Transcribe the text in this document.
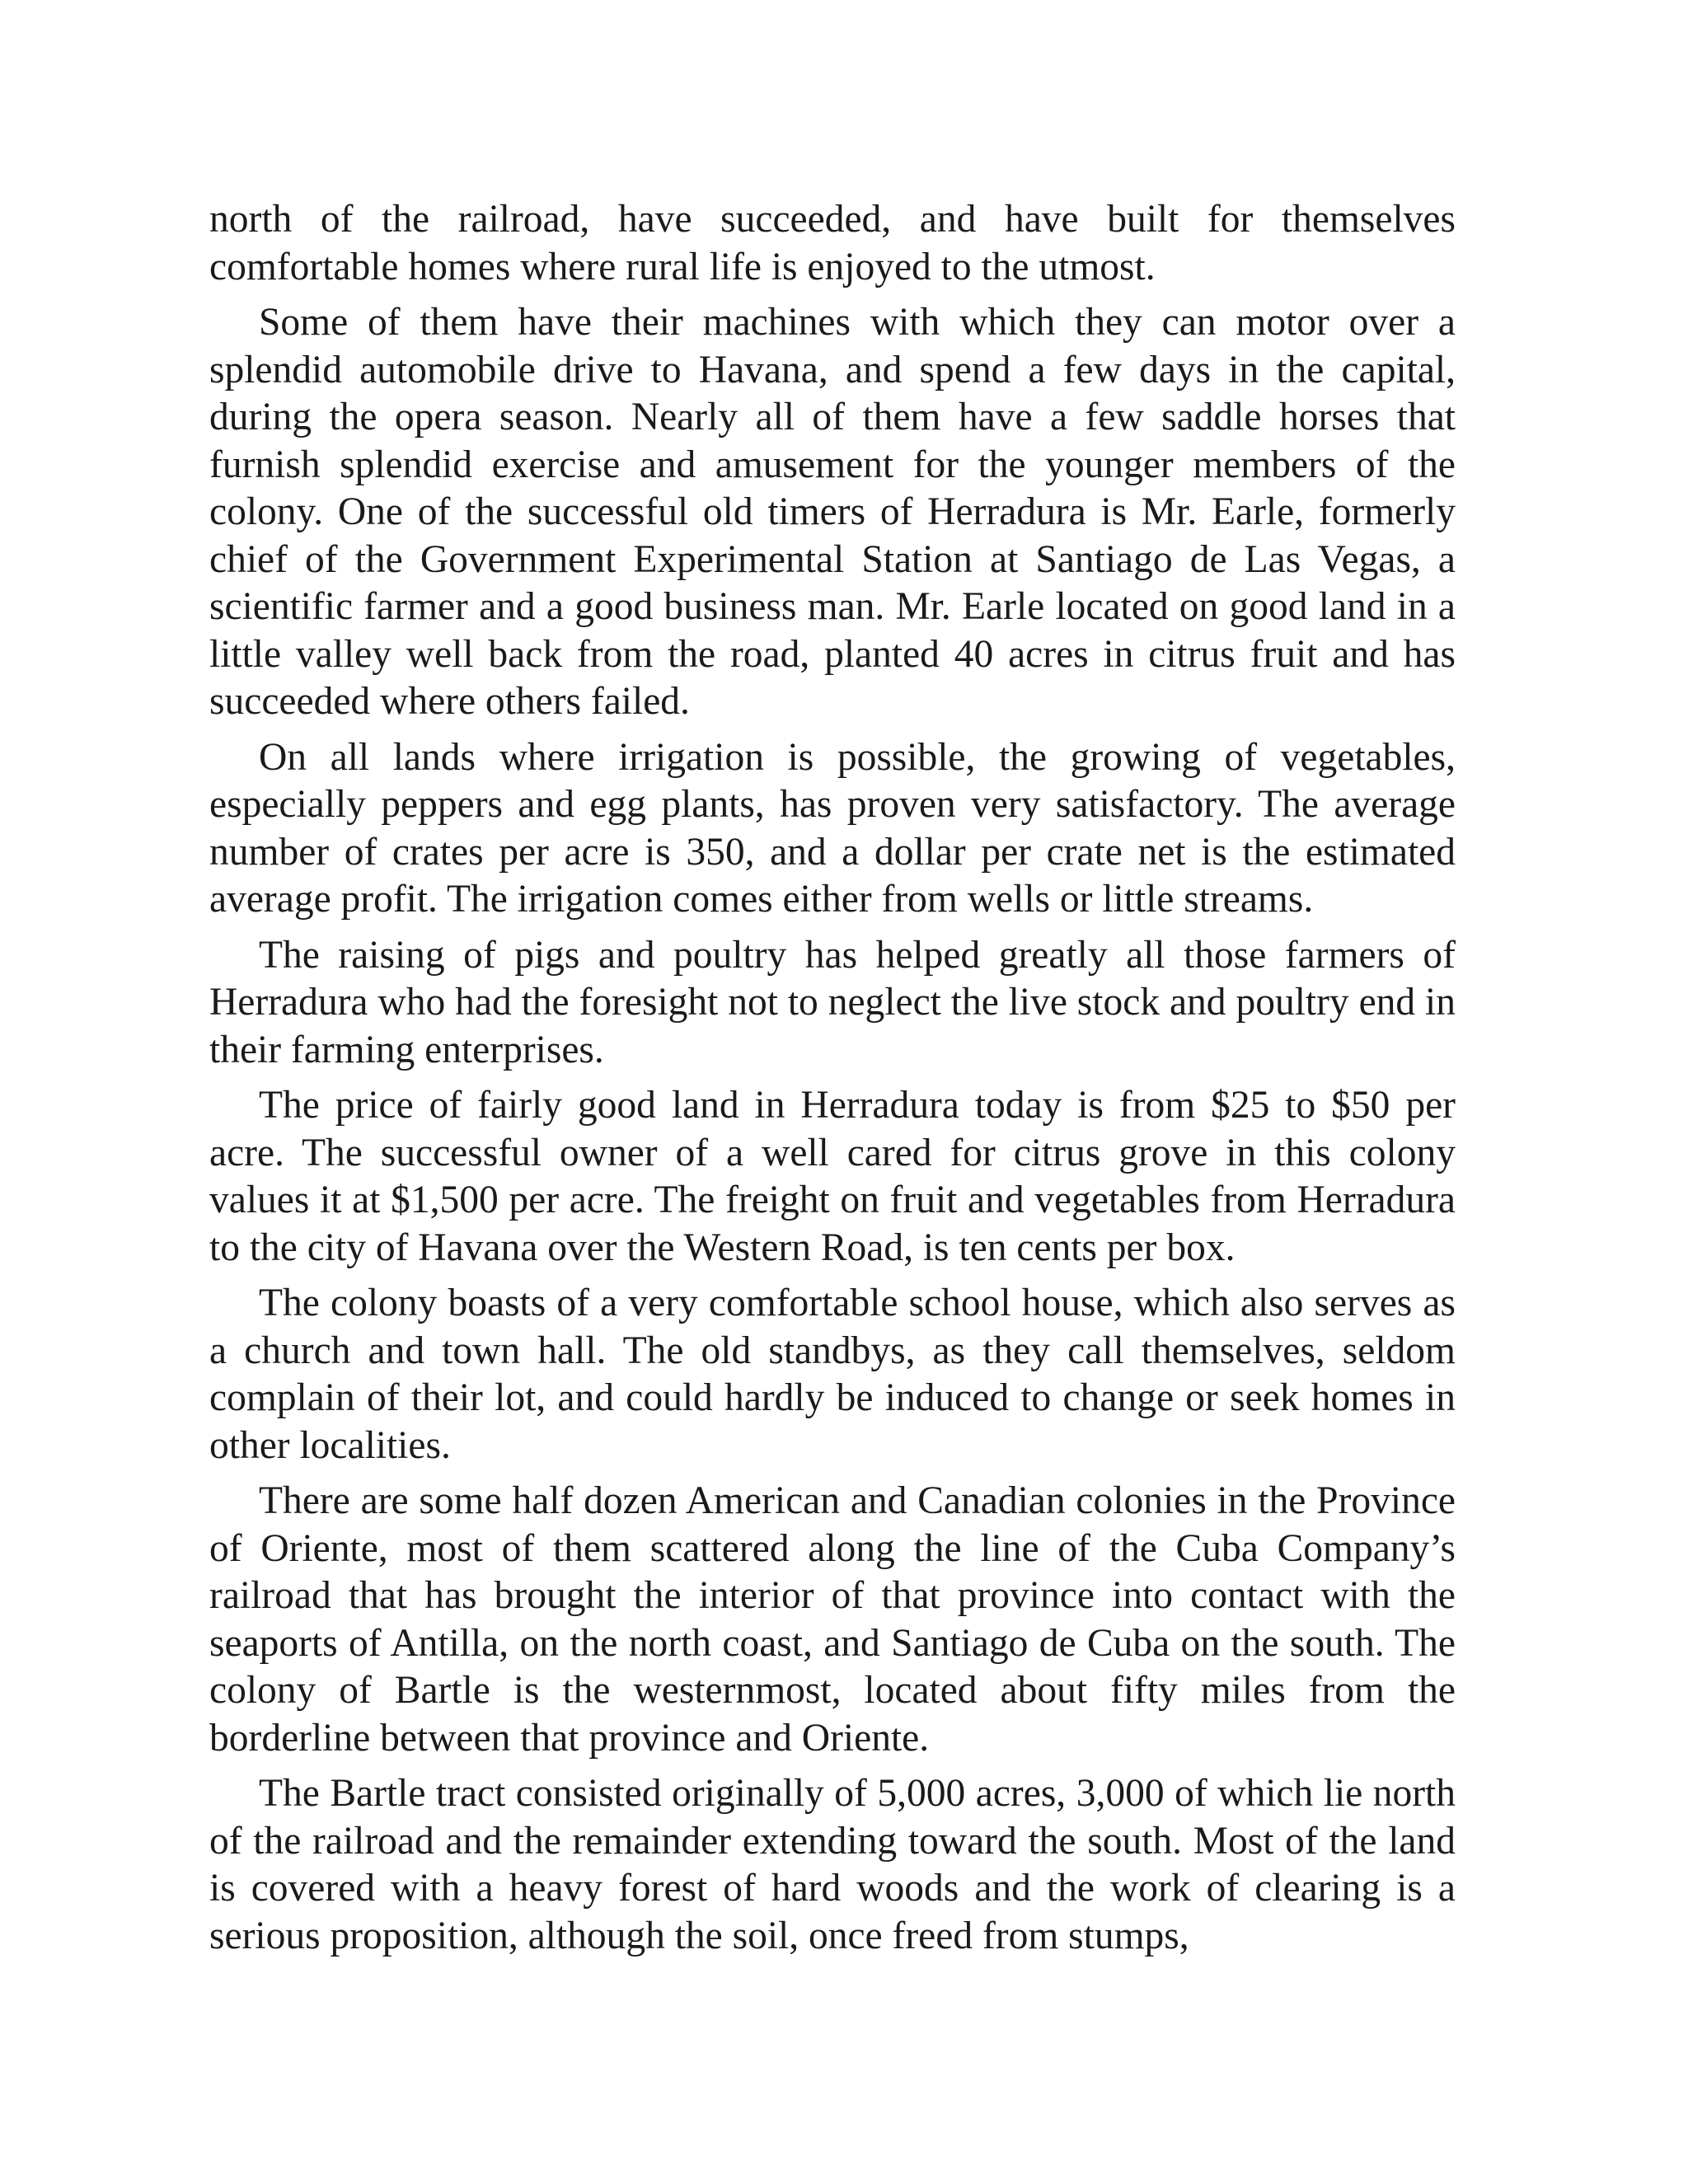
north of the railroad, have succeeded, and have built for themselves comfortable homes where rural life is enjoyed to the utmost.

Some of them have their machines with which they can motor over a splendid automobile drive to Havana, and spend a few days in the capital, during the opera season. Nearly all of them have a few saddle horses that furnish splendid exercise and amusement for the younger members of the colony. One of the successful old timers of Herradura is Mr. Earle, formerly chief of the Government Experimental Station at Santiago de Las Vegas, a scientific farmer and a good business man. Mr. Earle located on good land in a little valley well back from the road, planted 40 acres in citrus fruit and has succeeded where others failed.

On all lands where irrigation is possible, the growing of vegetables, especially peppers and egg plants, has proven very satisfactory. The average number of crates per acre is 350, and a dollar per crate net is the estimated average profit. The irrigation comes either from wells or little streams.

The raising of pigs and poultry has helped greatly all those farmers of Herradura who had the foresight not to neglect the live stock and poultry end in their farming enterprises.

The price of fairly good land in Herradura today is from $25 to $50 per acre. The successful owner of a well cared for citrus grove in this colony values it at $1,500 per acre. The freight on fruit and vegetables from Herradura to the city of Havana over the Western Road, is ten cents per box.

The colony boasts of a very comfortable school house, which also serves as a church and town hall. The old standbys, as they call themselves, seldom complain of their lot, and could hardly be induced to change or seek homes in other localities.

There are some half dozen American and Canadian colonies in the Province of Oriente, most of them scattered along the line of the Cuba Company’s railroad that has brought the interior of that province into contact with the seaports of Antilla, on the north coast, and Santiago de Cuba on the south. The colony of Bartle is the westernmost, located about fifty miles from the borderline between that province and Oriente.

The Bartle tract consisted originally of 5,000 acres, 3,000 of which lie north of the railroad and the remainder extending toward the south. Most of the land is covered with a heavy forest of hard woods and the work of clearing is a serious proposition, although the soil, once freed from stumps,
